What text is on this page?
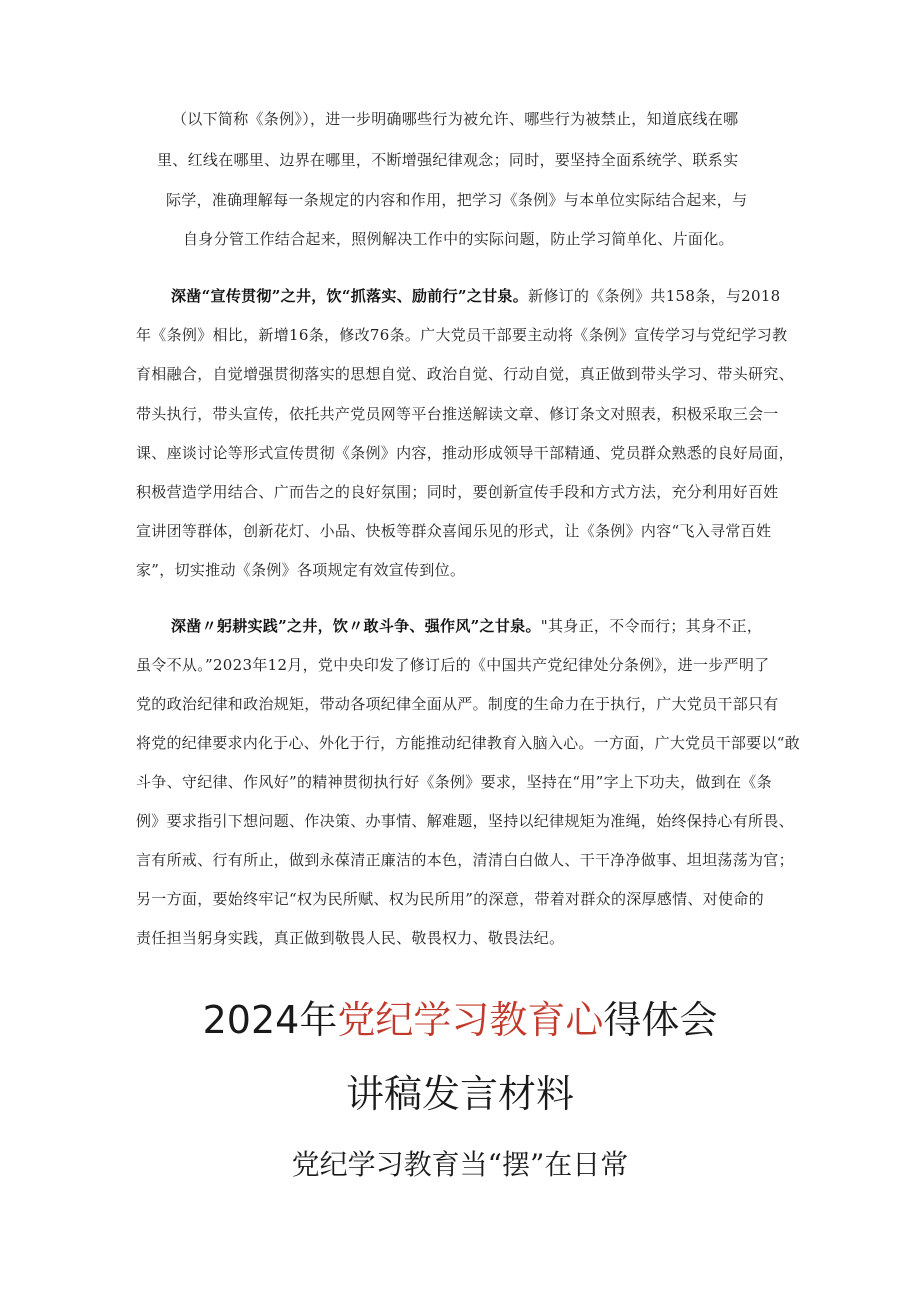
（以下简称《条例》），进一步明确哪些行为被允许、哪些行为被禁止，知道底线在哪
里、红线在哪里、边界在哪里，不断增强纪律观念；同时，要坚持全面系统学、联系实
际学，准确理解每一条规定的内容和作用，把学习《条例》与本单位实际结合起来，与
自身分管工作结合起来，照例解决工作中的实际问题，防止学习简单化、片面化。
深凿“宣传贯彻”之井，饮“抓落实、励前行”之甘泉。新修订的《条例》共158条，与2018
年《条例》相比，新增16条，修改76条。广大党员干部要主动将《条例》宣传学习与党纪学习教
育相融合，自觉增强贯彻落实的思想自觉、政治自觉、行动自觉，真正做到带头学习、带头研究、
带头执行，带头宣传，依托共产党员网等平台推送解读文章、修订条文对照表，积极采取三会一
课、座谈讨论等形式宣传贯彻《条例》内容，推动形成领导干部精通、党员群众熟悉的良好局面，
积极营造学用结合、广而告之的良好氛围；同时，要创新宣传手段和方式方法，充分利用好百姓
宣讲团等群体，创新花灯、小品、快板等群众喜闻乐见的形式，让《条例》内容“飞入寻常百姓
家”，切实推动《条例》各项规定有效宣传到位。
深凿〃躬耕实践”之井，饮〃敢斗争、强作风”之甘泉。"其身正，不令而行；其身不正，
虽令不从。”2023年12月，党中央印发了修订后的《中国共产党纪律处分条例》，进一步严明了
党的政治纪律和政治规矩，带动各项纪律全面从严。制度的生命力在于执行，广大党员干部只有
将党的纪律要求内化于心、外化于行，方能推动纪律教育入脑入心。一方面，广大党员干部要以“敢
斗争、守纪律、作风好”的精神贯彻执行好《条例》要求，坚持在“用”字上下功夫，做到在《条
例》要求指引下想问题、作决策、办事情、解难题，坚持以纪律规矩为准绳，始终保持心有所畏、
言有所戒、行有所止，做到永葆清正廉洁的本色，清清白白做人、干干净净做事、坦坦荡荡为官；
另一方面，要始终牢记“权为民所赋、权为民所用”的深意，带着对群众的深厚感情、对使命的
责任担当躬身实践，真正做到敬畏人民、敬畏权力、敬畏法纪。
2024年党纪学习教育心得体会
讲稿发言材料
党纪学习教育当“摆”在日常
